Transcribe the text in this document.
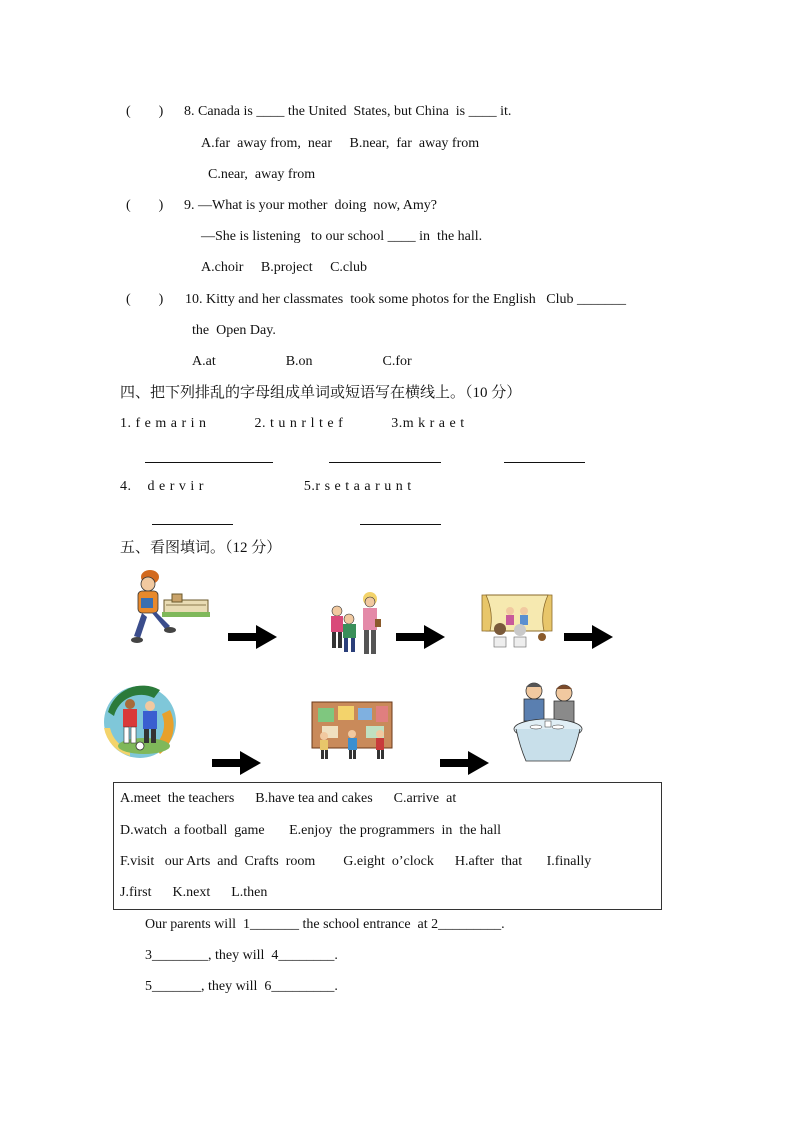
(        ) 8. Canada is ____ the United  States, but China  is ____ it.
A.far  away from,  near     B.near,  far  away from
C.near,  away from
(        ) 9. —What is your mother  doing  now, Amy?
—She is listening   to our school ____ in  the hall.
A.choir     B.project     C.club
(        ) 10. Kitty and her classmates  took some photos for the English   Club _______
the  Open Day.
A.at                    B.on                    C.for
四、把下列排乱的字母组成单词或短语写在横线上。（10 分）
1. f e m a r i n            2. t u n r l t e f            3.m k r a e t
4.    d e r v i r                         5.r s e t a a r u n t
五、看图填词。（12 分）
A.meet  the teachers      B.have tea and cakes      C.arrive  at
D.watch  a football  game       E.enjoy  the programmers  in  the hall
F.visit   our Arts  and  Crafts  room        G.eight  o’clock      H.after  that       I.finally
J.first      K.next      L.then
Our parents will  1_______ the school entrance  at 2_________.
3________, they will  4________.
5_______, they will  6_________.
